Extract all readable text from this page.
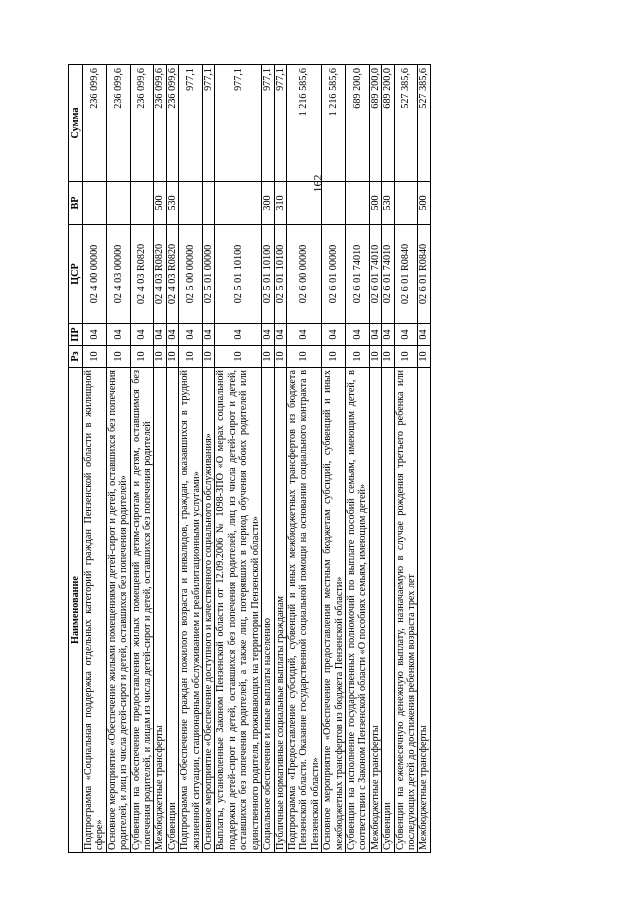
162
Наименование	Рз	ПР	ЦСР	ВР	Сумма
Подпрограмма «Социальная поддержка отдельных категорий граждан Пензенской области в жилищной сфере»	10	04	02 4 00 00000		236 099,6
Основное мероприятие «Обеспечение жилыми помещениями детей-сирот и детей, оставшихся без попечения родителей, и лиц из числа детей-сирот и детей, оставшихся без попечения родителей»	10	04	02 4 03 00000		236 099,6
Субвенции на обеспечение предоставления жилых помещений детям-сиротам и детям, оставшимся без попечения родителей, и лицам из числа детей-сирот и детей, оставшихся без попечения родителей	10	04	02 4 03 R0820		236 099,6
Межбюджетные трансферты	10	04	02 4 03 R0820	500	236 099,6
Субвенции	10	04	02 4 03 R0820	530	236 099,6
Подпрограмма «Обеспечение граждан пожилого возраста и инвалидов, граждан, оказавшихся в трудной жизненной ситуации, стационарным обслуживанием и реабилитационными услугами»	10	04	02 5 00 00000		977,1
Основное мероприятие «Обеспечение доступного и качественного социального обслуживания»	10	04	02 5 01 00000		977,1
Выплаты, установленные Законом Пензенской области от 12.09.2006 № 1098-ЗПО «О мерах социальной поддержки детей-сирот и детей, оставшихся без попечения родителей, лиц из числа детей-сирот и детей, оставшихся без попечения родителей, а также лиц, потерявших в период обучения обоих родителей или единственного родителя, проживающих на территории Пензенской области»	10	04	02 5 01 10100		977,1
Социальное обеспечение и иные выплаты населению	10	04	02 5 01 10100	300	977,1
Публичные нормативные социальные выплаты гражданам	10	04	02 5 01 10100	310	977,1
Подпрограмма «Предоставление субсидий, субвенций и иных межбюджетных трансфертов из бюджета Пензенской области. Оказание государственной социальной помощи на основании социального контракта в Пензенской области»	10	04	02 6 00 00000		1 216 585,6
Основное мероприятие «Обеспечение предоставления местным бюджетам субсидий, субвенций и иных межбюджетных трансфертов из бюджета Пензенской области»	10	04	02 6 01 00000		1 216 585,6
Субвенции на исполнение государственных полномочий по выплате пособий семьям, имеющим детей, в соответствии с Законом Пензенской области «О пособиях семьям, имеющим детей»	10	04	02 6 01 74010		689 200,0
Межбюджетные трансферты	10	04	02 6 01 74010	500	689 200,0
Субвенции	10	04	02 6 01 74010	530	689 200,0
Субвенции на ежемесячную денежную выплату, назначаемую в случае рождения третьего ребенка или последующих детей до достижения ребенком возраста трех лет	10	04	02 6 01 R0840		527 385,6
Межбюджетные трансферты	10	04	02 6 01 R0840	500	527 385,6
